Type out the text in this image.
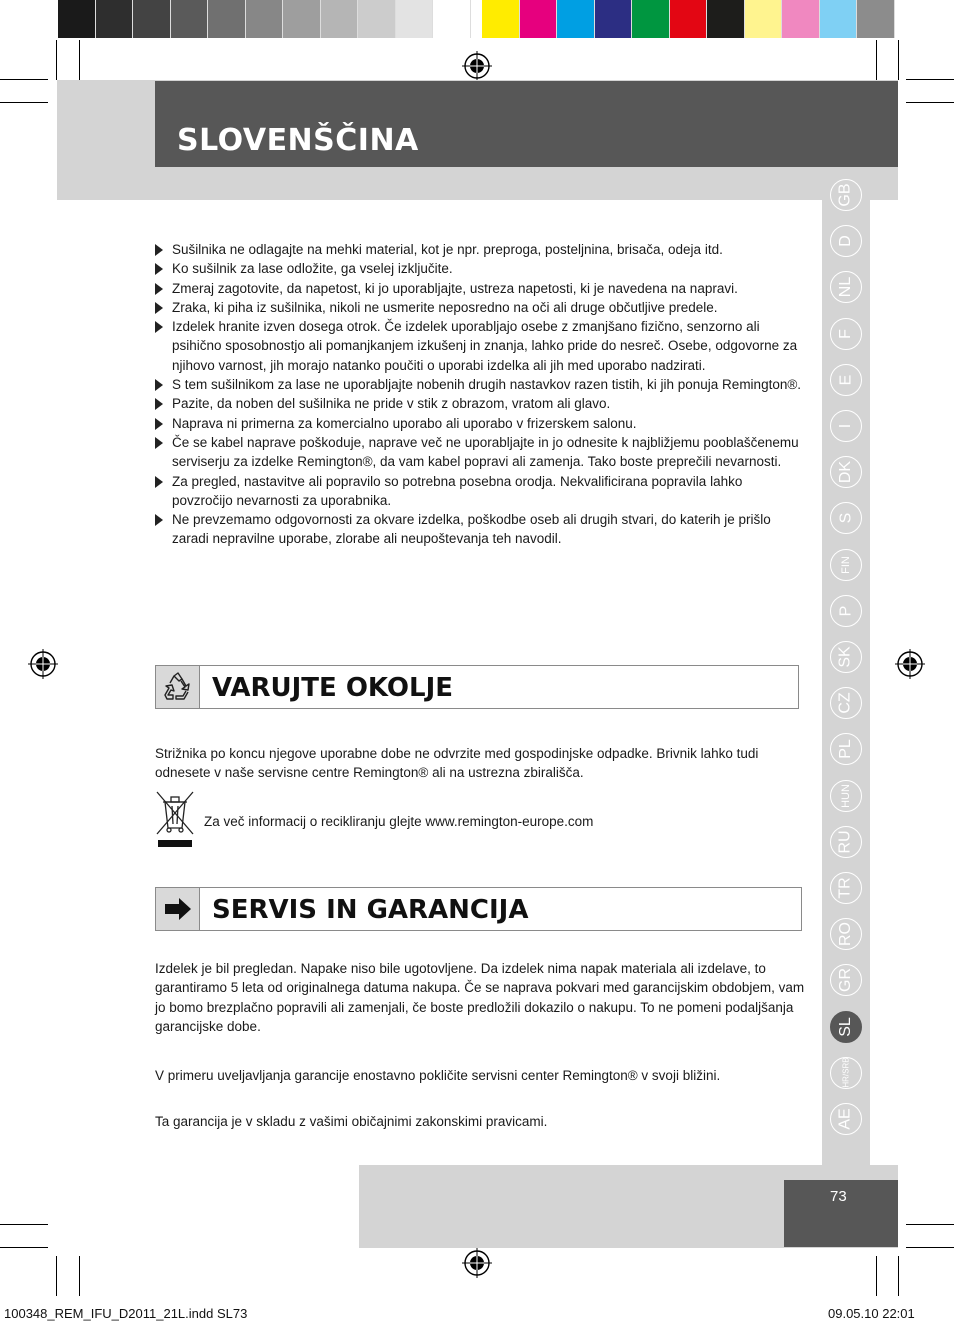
SLOVENŠČINA
GB
D
NL
F
E
I
DK
S
FIN
P
SK
CZ
PL
HUN
RU
TR
RO
GR
SL
HR/SRB
AE
Sušilnika ne odlagajte na mehki material, kot je npr. preproga, posteljnina, brisača, odeja itd.
Ko sušilnik za lase odložite, ga vselej izklјučite.
Zmeraj zagotovite, da napetost, ki jo uporabljajte, ustreza napetosti, ki je navedena na napravi.
Zraka, ki piha iz sušilnika, nikoli ne usmerite neposredno na oči ali druge občutljive predele.
Izdelek hranite izven dosega otrok. Če izdelek uporabljajo osebe z zmanjšano fizično, senzorno ali psihično sposobnostjo ali pomanjkanjem izkušenj in znanja, lahko pride do nesreč. Osebe, odgovorne za njihovo varnost, jih morajo natanko poučiti o uporabi izdelka ali jih med uporabo nadzirati.
S tem sušilnikom za lase ne uporabljajte nobenih drugih nastavkov razen tistih, ki jih ponuja Remington®.
Pazite, da noben del sušilnika ne pride v stik z obrazom, vratom ali glavo.
Naprava ni primerna za komercialno uporabo ali uporabo v frizerskem salonu.
Če se kabel naprave poškoduje, naprave več ne uporabljajte in jo odnesite k najbližjemu pooblaščenemu serviserju za izdelke Remington®, da vam kabel popravi ali zamenja. Tako boste preprečili nevarnosti.
Za pregled, nastavitve ali popravilo so potrebna posebna orodja. Nekvalificirana popravila lahko povzročijo nevarnosti za uporabnika.
Ne prevzemamo odgovornosti za okvare izdelka, poškodbe oseb ali drugih stvari, do katerih je prišlo zaradi nepravilne uporabe, zlorabe ali neupoštevanja teh navodil.
VARUJTE OKOLJE

Strižnika po koncu njegove uporabne dobe ne odvrzite med gospodinjske odpadke. Brivnik lahko tudi odnesete v naše servisne centre Remington® ali na ustrezna zbirališča.

Za več informacij o recikliranju glejte www.remington-europe.com

SERVIS IN GARANCIJA

Izdelek je bil pregledan. Napake niso bile ugotovljene. Da izdelek nima napak materiala ali izdelave, to garantiramo 5 leta od originalnega datuma nakupa. Če se naprava pokvari med garancijskim obdobjem, vam jo bomo brezplačno popravili ali zamenjali, če boste predložili dokazilo o nakupu. To ne pomeni podaljšanja garancijske dobe.

V primeru uveljavljanja garancije enostavno pokličite servisni center Remington® v svoji bližini.

Ta garancija je v skladu z vašimi običajnimi zakonskimi pravicami.

73
100348_REM_IFU_D2011_21L.indd SL73	09.05.10 22:01
